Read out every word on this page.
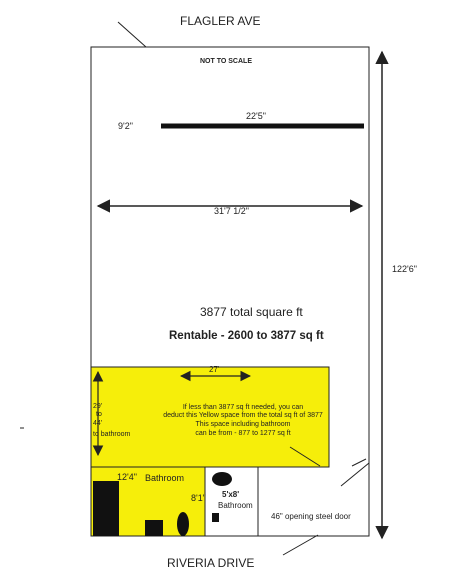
FLAGLER AVE
RIVERIA DRIVE
NOT TO SCALE
22'5"
9'2"
31'7 1/2"
122'6"
3877 total square ft
Rentable - 2600 to 3877 sq ft
27'
29'
to
44'
to bathroom
If less than 3877 sq ft needed, you can
deduct this Yellow space from the total sq ft of 3877
This space including bathroom
can be from - 877 to 1277 sq ft
12'4" Bathroom
8'1" 5'x8'
Bathroom
46" opening steel door
